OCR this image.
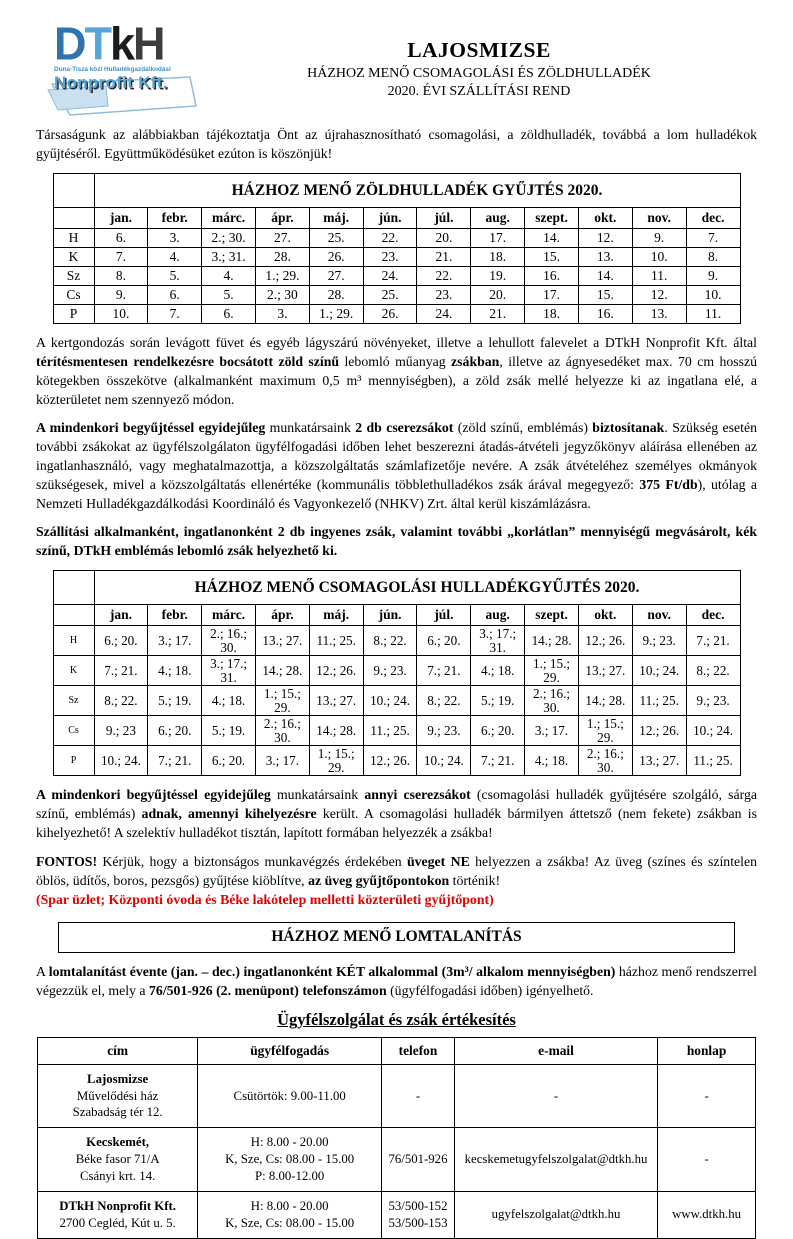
DTkH
Duna-Tisza közi Hulladékgazdálkodási
Nonprofit Kft.
LAJOSMIZSE
HÁZHOZ MENŐ CSOMAGOLÁSI ÉS ZÖLDHULLADÉK
2020. ÉVI SZÁLLÍTÁSI REND

Társaságunk az alábbiakban tájékoztatja Önt az újrahasznosítható csomagolási, a zöldhulladék, továbbá a lom hulladékok gyűjtéséről. Együttműködésüket ezúton is köszönjük!

	HÁZHOZ MENŐ ZÖLDHULLADÉK GYŰJTÉS 2020.											
	jan.	febr.	márc.	ápr.	máj.	jún.	júl.	aug.	szept.	okt.	nov.	dec.
H	6.	3.	2.; 30.	27.	25.	22.	20.	17.	14.	12.	9.	7.
K	7.	4.	3.; 31.	28.	26.	23.	21.	18.	15.	13.	10.	8.
Sz	8.	5.	4.	1.; 29.	27.	24.	22.	19.	16.	14.	11.	9.
Cs	9.	6.	5.	2.; 30	28.	25.	23.	20.	17.	15.	12.	10.
P	10.	7.	6.	3.	1.; 29.	26.	24.	21.	18.	16.	13.	11.

A kertgondozás során levágott füvet és egyéb lágyszárú növényeket, illetve a lehullott falevelet a DTkH Nonprofit Kft. által térítésmentesen rendelkezésre bocsátott zöld színű lebomló műanyag zsákban, illetve az ágnyesedéket max. 70 cm hosszú kötegekben összekötve (alkalmanként maximum 0,5 m³ mennyiségben), a zöld zsák mellé helyezze ki az ingatlana elé, a közterületet nem szennyező módon.

A mindenkori begyűjtéssel egyidejűleg munkatársaink 2 db cserezsákot (zöld színű, emblémás) biztosítanak. Szükség esetén további zsákokat az ügyfélszolgálaton ügyfélfogadási időben lehet beszerezni átadás-átvételi jegyzőkönyv aláírása ellenében az ingatlanhasználó, vagy meghatalmazottja, a közszolgáltatás számlafizetője nevére. A zsák átvételéhez személyes okmányok szükségesek, mivel a közszolgáltatás ellenértéke (kommunális többlethulladékos zsák árával megegyező: 375 Ft/db), utólag a Nemzeti Hulladékgazdálkodási Koordináló és Vagyonkezelő (NHKV) Zrt. által kerül kiszámlázásra.

Szállítási alkalmanként, ingatlanonként 2 db ingyenes zsák, valamint további „korlátlan” mennyiségű megvásárolt, kék színű, DTkH emblémás lebomló zsák helyezhető ki.

	HÁZHOZ MENŐ CSOMAGOLÁSI HULLADÉKGYŰJTÉS 2020.											
	jan.	febr.	márc.	ápr.	máj.	jún.	júl.	aug.	szept.	okt.	nov.	dec.
H	6.; 20.	3.; 17.	2.; 16.; 30.	13.; 27.	11.; 25.	8.; 22.	6.; 20.	3.; 17.; 31.	14.; 28.	12.; 26.	9.; 23.	7.; 21.
K	7.; 21.	4.; 18.	3.; 17.; 31.	14.; 28.	12.; 26.	9.; 23.	7.; 21.	4.; 18.	1.; 15.; 29.	13.; 27.	10.; 24.	8.; 22.
Sz	8.; 22.	5.; 19.	4.; 18.	1.; 15.; 29.	13.; 27.	10.; 24.	8.; 22.	5.; 19.	2.; 16.; 30.	14.; 28.	11.; 25.	9.; 23.
Cs	9.; 23	6.; 20.	5.; 19.	2.; 16.; 30.	14.; 28.	11.; 25.	9.; 23.	6.; 20.	3.; 17.	1.; 15.; 29.	12.; 26.	10.; 24.
P	10.; 24.	7.; 21.	6.; 20.	3.; 17.	1.; 15.; 29.	12.; 26.	10.; 24.	7.; 21.	4.; 18.	2.; 16.; 30.	13.; 27.	11.; 25.

A mindenkori begyűjtéssel egyidejűleg munkatársaink annyi cserezsákot (csomagolási hulladék gyűjtésére szolgáló, sárga színű, emblémás) adnak, amennyi kihelyezésre került. A csomagolási hulladék bármilyen áttetsző (nem fekete) zsákban is kihelyezhető! A szelektív hulladékot tisztán, lapított formában helyezzék a zsákba!

FONTOS! Kérjük, hogy a biztonságos munkavégzés érdekében üveget NE helyezzen a zsákba! Az üveg (színes és színtelen öblös, üdítős, boros, pezsgős) gyűjtése kiöblítve, az üveg gyűjtőpontokon történik!
(Spar üzlet; Központi óvoda és Béke lakótelep melletti közterületi gyűjtőpont)

HÁZHOZ MENŐ LOMTALANÍTÁS

A lomtalanítást évente (jan. – dec.) ingatlanonként KÉT alkalommal (3m³/ alkalom mennyiségben) házhoz menő rendszerrel végezzük el, mely a 76/501-926 (2. menüpont) telefonszámon (ügyfélfogadási időben) igényelhető.

Ügyfélszolgálat és zsák értékesítés
cím	ügyfélfogadás	telefon	e-mail	honlap
Lajosmizse
Művelődési ház
Szabadság tér 12.	Csütörtök: 9.00-11.00	-	-	-
Kecskemét,
Béke fasor 71/A
Csányi krt. 14.	H: 8.00 - 20.00
K, Sze, Cs: 08.00 - 15.00
P: 8.00-12.00	76/501-926	kecskemetugyfelszolgalat@dtkh.hu	-
DTkH Nonprofit Kft.
2700 Cegléd, Kút u. 5.	H: 8.00 - 20.00
K, Sze, Cs: 08.00 - 15.00	53/500-152
53/500-153	ugyfelszolgalat@dtkh.hu	www.dtkh.hu
